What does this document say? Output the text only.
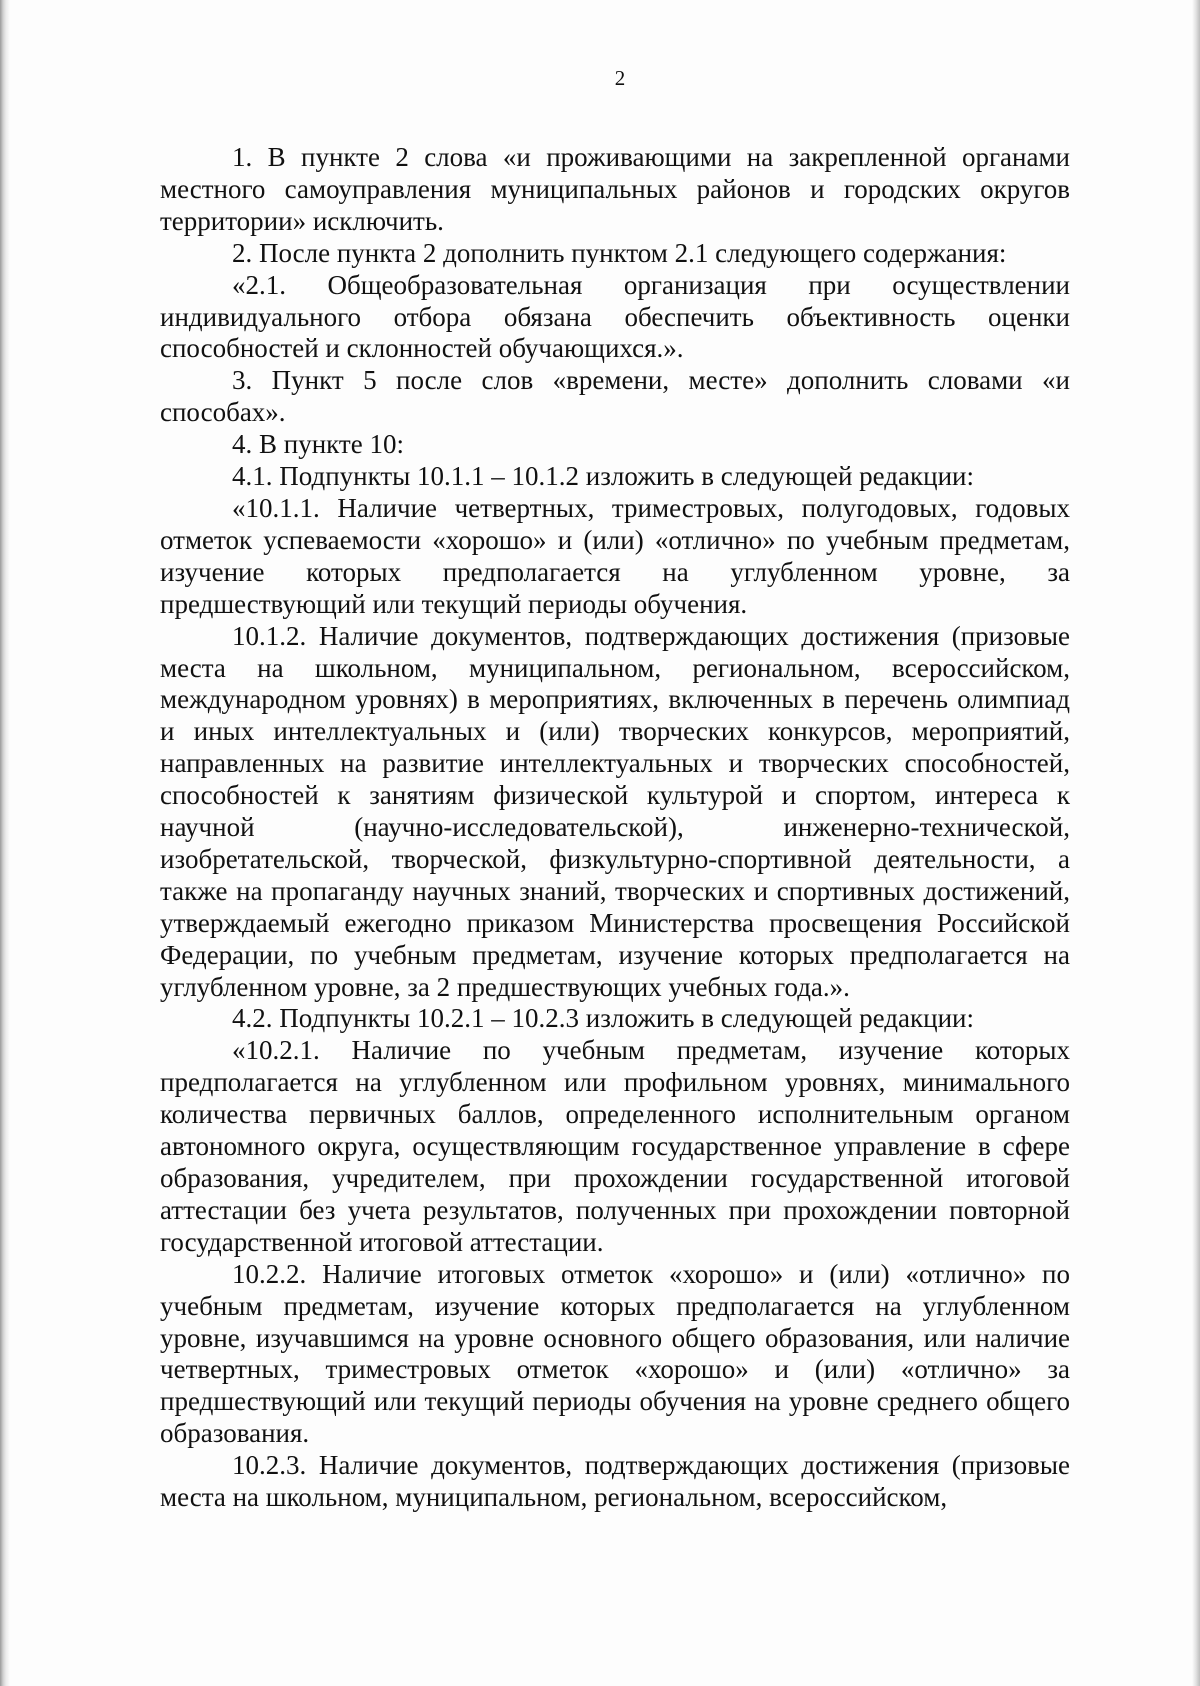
2

1. В пункте 2 слова «и проживающими на закрепленной органами местного самоуправления муниципальных районов и городских округов территории» исключить.

2. После пункта 2 дополнить пунктом 2.1 следующего содержания:

«2.1. Общеобразовательная организация при осуществлении индивидуального отбора обязана обеспечить объективность оценки способностей и склонностей обучающихся.».

3. Пункт 5 после слов «времени, месте» дополнить словами «и способах».

4. В пункте 10:

4.1. Подпункты 10.1.1 – 10.1.2 изложить в следующей редакции:

«10.1.1. Наличие четвертных, триместровых, полугодовых, годовых отметок успеваемости «хорошо» и (или) «отлично» по учебным предметам, изучение которых предполагается на углубленном уровне, за предшествующий или текущий периоды обучения.

10.1.2. Наличие документов, подтверждающих достижения (призовые места на школьном, муниципальном, региональном, всероссийском, международном уровнях) в мероприятиях, включенных в перечень олимпиад и иных интеллектуальных и (или) творческих конкурсов, мероприятий, направленных на развитие интеллектуальных и творческих способностей, способностей к занятиям физической культурой и спортом, интереса к научной (научно-исследовательской), инженерно-технической, изобретательской, творческой, физкультурно-спортивной деятельности, а также на пропаганду научных знаний, творческих и спортивных достижений, утверждаемый ежегодно приказом Министерства просвещения Российской Федерации, по учебным предметам, изучение которых предполагается на углубленном уровне, за 2 предшествующих учебных года.».

4.2. Подпункты 10.2.1 – 10.2.3 изложить в следующей редакции:

«10.2.1. Наличие по учебным предметам, изучение которых предполагается на углубленном или профильном уровнях, минимального количества первичных баллов, определенного исполнительным органом автономного округа, осуществляющим государственное управление в сфере образования, учредителем, при прохождении государственной итоговой аттестации без учета результатов, полученных при прохождении повторной государственной итоговой аттестации.

10.2.2. Наличие итоговых отметок «хорошо» и (или) «отлично» по учебным предметам, изучение которых предполагается на углубленном уровне, изучавшимся на уровне основного общего образования, или наличие четвертных, триместровых отметок «хорошо» и (или) «отлично» за предшествующий или текущий периоды обучения на уровне среднего общего образования.

10.2.3. Наличие документов, подтверждающих достижения (призовые места на школьном, муниципальном, региональном, всероссийском,
